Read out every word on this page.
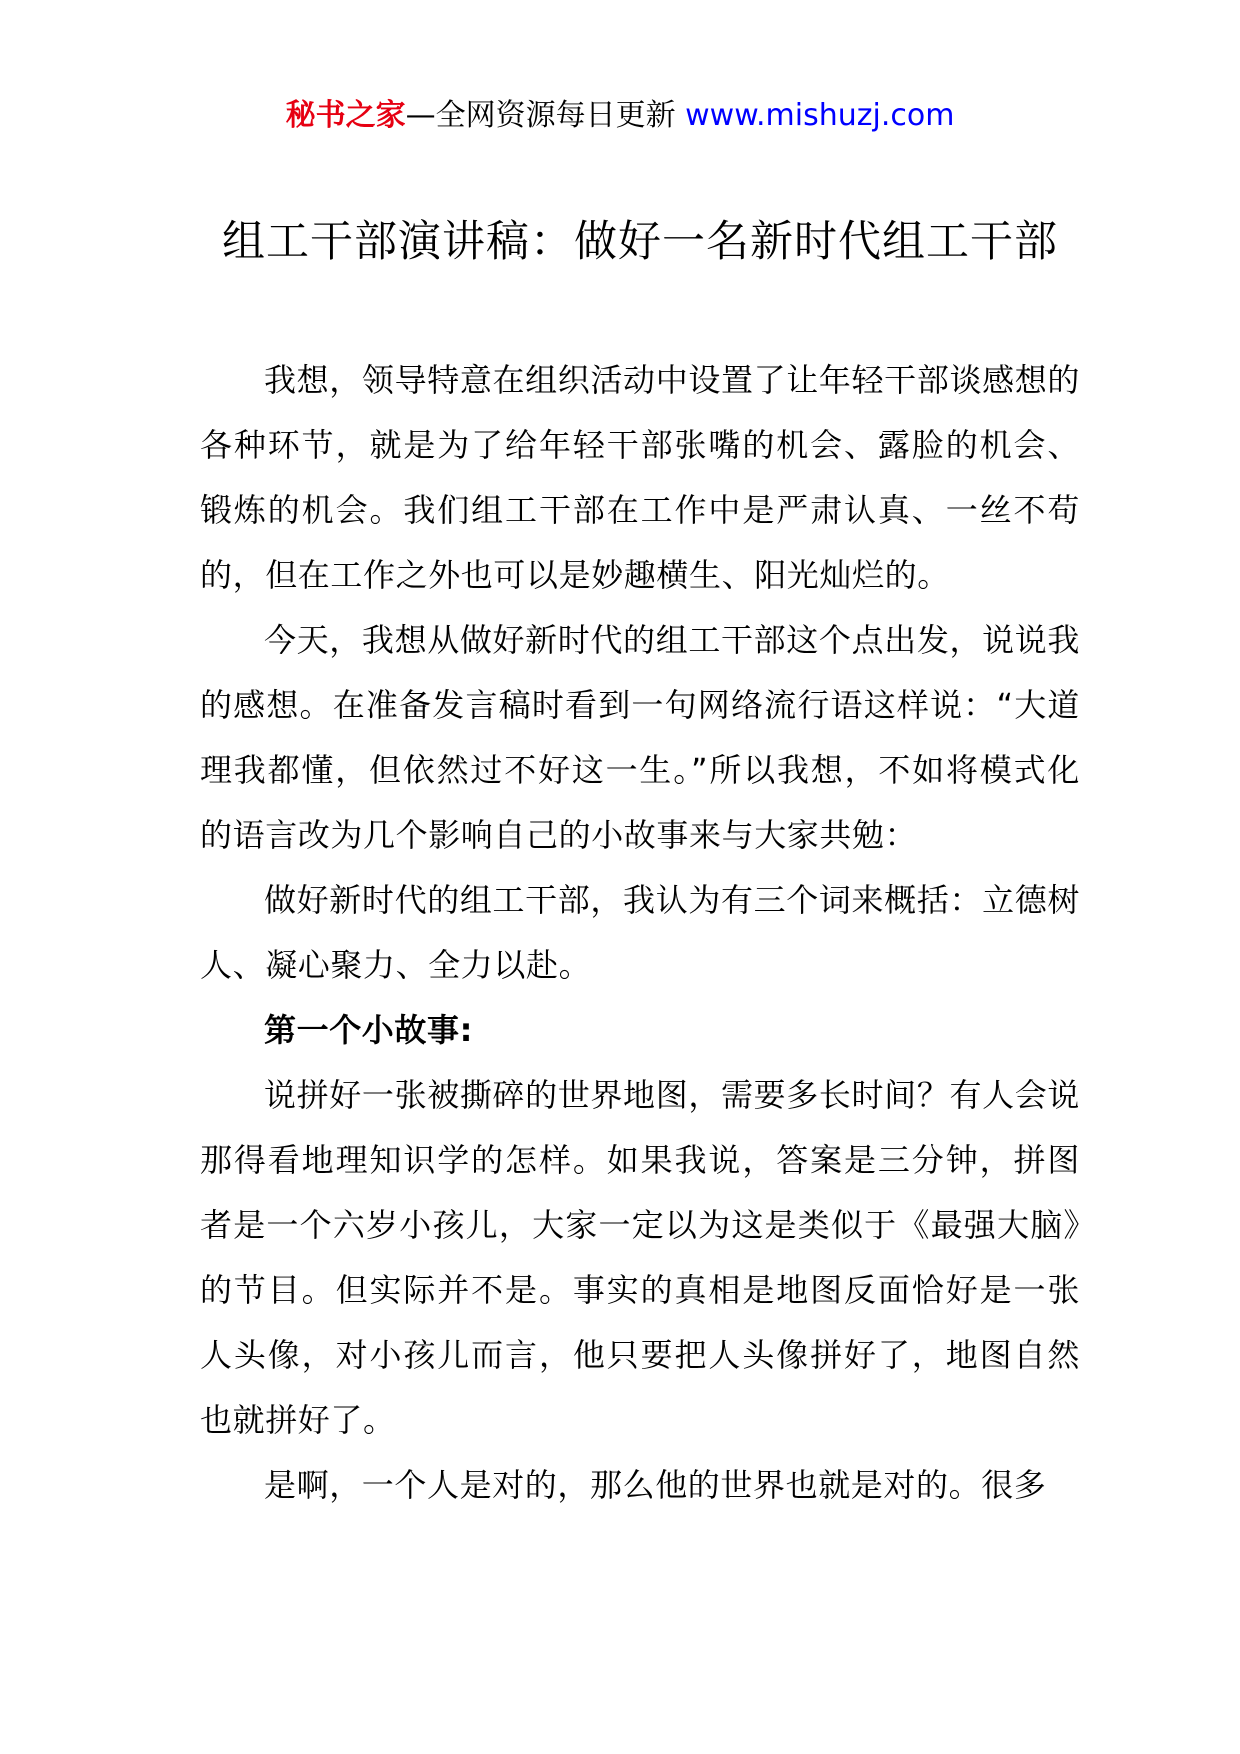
秘书之家—全网资源每日更新 www.mishuzj.com
组工干部演讲稿：做好一名新时代组工干部

我想，领导特意在组织活动中设置了让年轻干部谈感想的各种环节，就是为了给年轻干部张嘴的机会、露脸的机会、锻炼的机会。我们组工干部在工作中是严肃认真、一丝不苟的，但在工作之外也可以是妙趣横生、阳光灿烂的。

今天，我想从做好新时代的组工干部这个点出发，说说我的感想。在准备发言稿时看到一句网络流行语这样说：“大道理我都懂，但依然过不好这一生。”所以我想，不如将模式化的语言改为几个影响自己的小故事来与大家共勉：

做好新时代的组工干部，我认为有三个词来概括：立德树人、凝心聚力、全力以赴。

第一个小故事:

说拼好一张被撕碎的世界地图，需要多长时间？有人会说那得看地理知识学的怎样。如果我说，答案是三分钟，拼图者是一个六岁小孩儿，大家一定以为这是类似于《最强大脑》的节目。但实际并不是。事实的真相是地图反面恰好是一张人头像，对小孩儿而言，他只要把人头像拼好了，地图自然也就拼好了。

是啊，一个人是对的，那么他的世界也就是对的。很多
